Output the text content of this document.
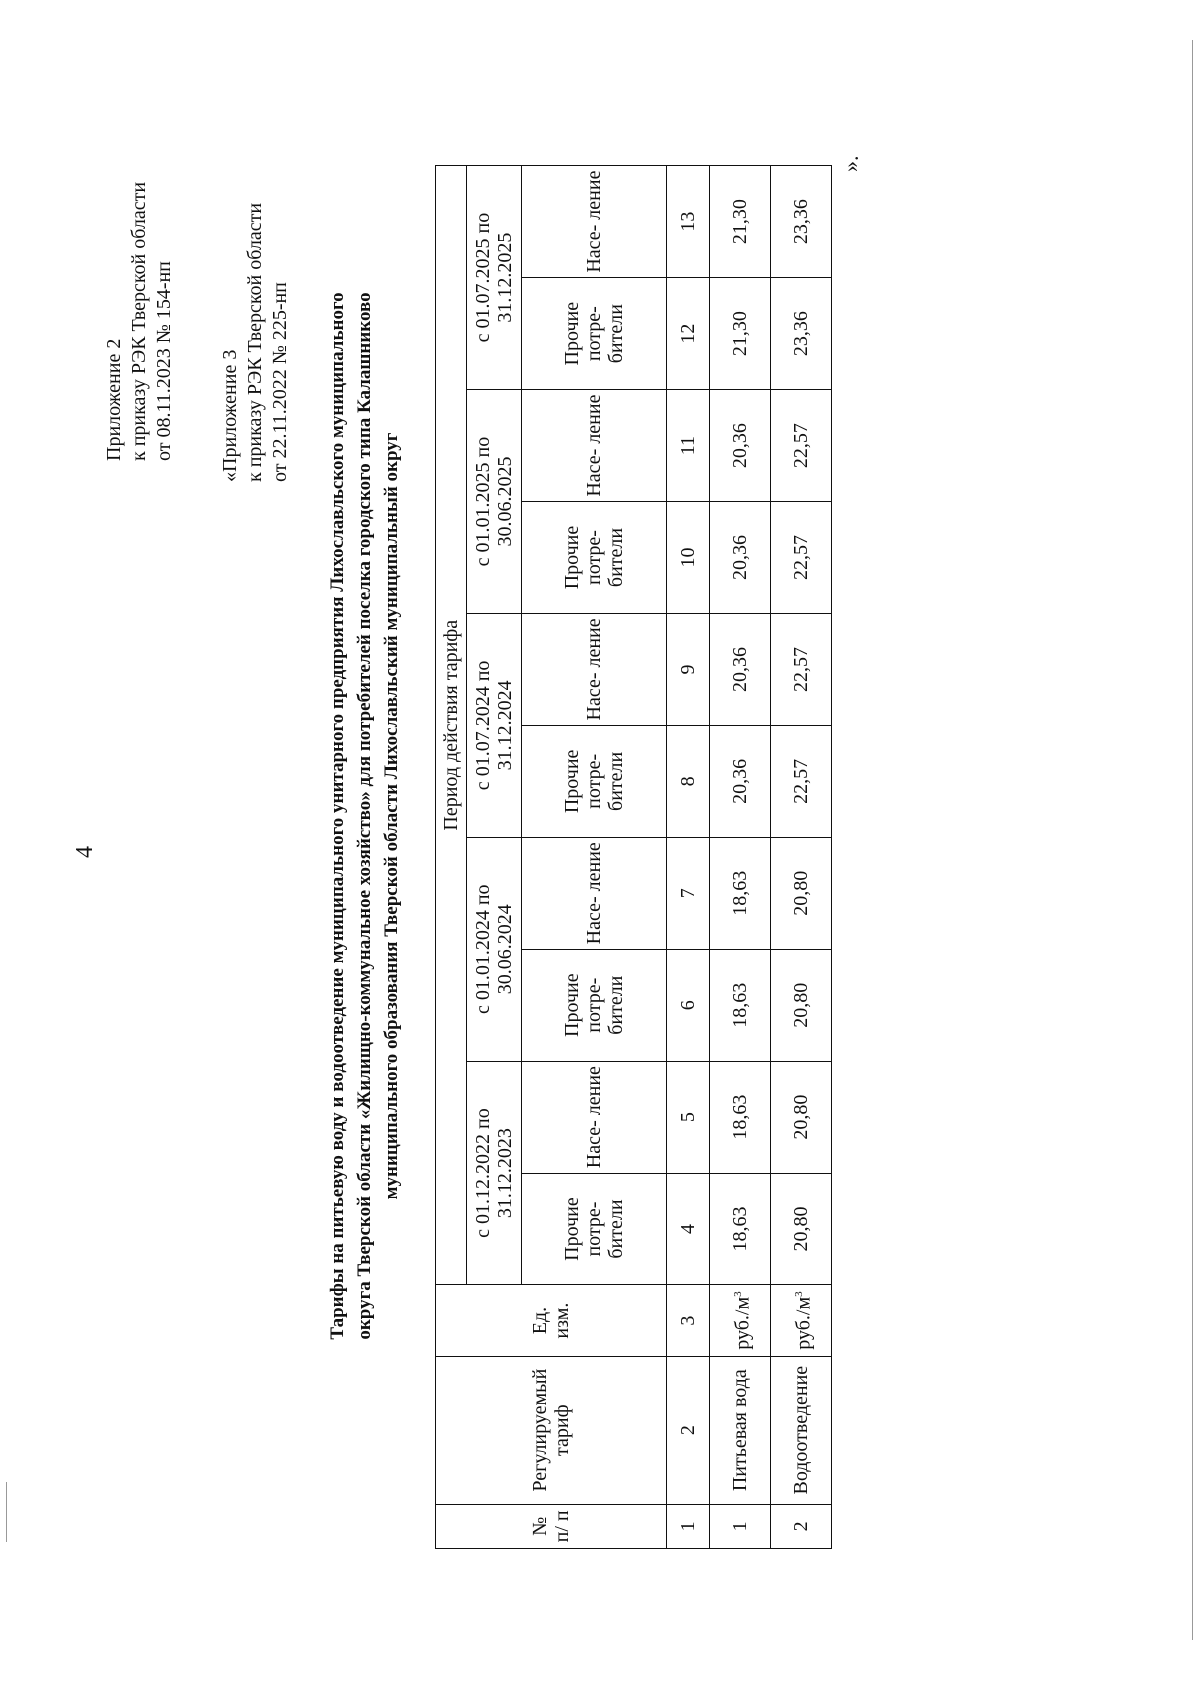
4
Приложение 2 к приказу РЭК Тверской области от 08.11.2023 № 154-нп «Приложение 3 к приказу РЭК Тверской области от 22.11.2022 № 225-нп Тарифы на питьевую воду и водоотведение муниципального унитарного предприятия Лихославльского муниципального округа Тверской области «Жилищно-коммунальное хозяйство» для потребителей поселка городского типа Калашниково муниципального образования Тверской области Лихославльский муниципальный округ
№ п/ п	Регулируемый тариф	Ед. изм.	Период действия тарифа									
			с 01.12.2022 по 31.12.2023		с 01.01.2024 по 30.06.2024		с 01.07.2024 по 31.12.2024		с 01.01.2025 по 30.06.2025		с 01.07.2025 по 31.12.2025	
			Прочие потре- бители	Насе- ление	Прочие потре- бители	Насе- ление	Прочие потре- бители	Насе- ление	Прочие потре- бители	Насе- ление	Прочие потре- бители	Насе- ление
1	2	3	4	5	6	7	8	9	10	11	12	13
1	Питьевая вода	$руб./м^3$	18,63	18,63	18,63	18,63	20,36	20,36	20,36	20,36	21,30	21,30
2	Водоотведение	$руб./м^3$	20,80	20,80	20,80	20,80	22,57	22,57	22,57	22,57	23,36	23,36
».
